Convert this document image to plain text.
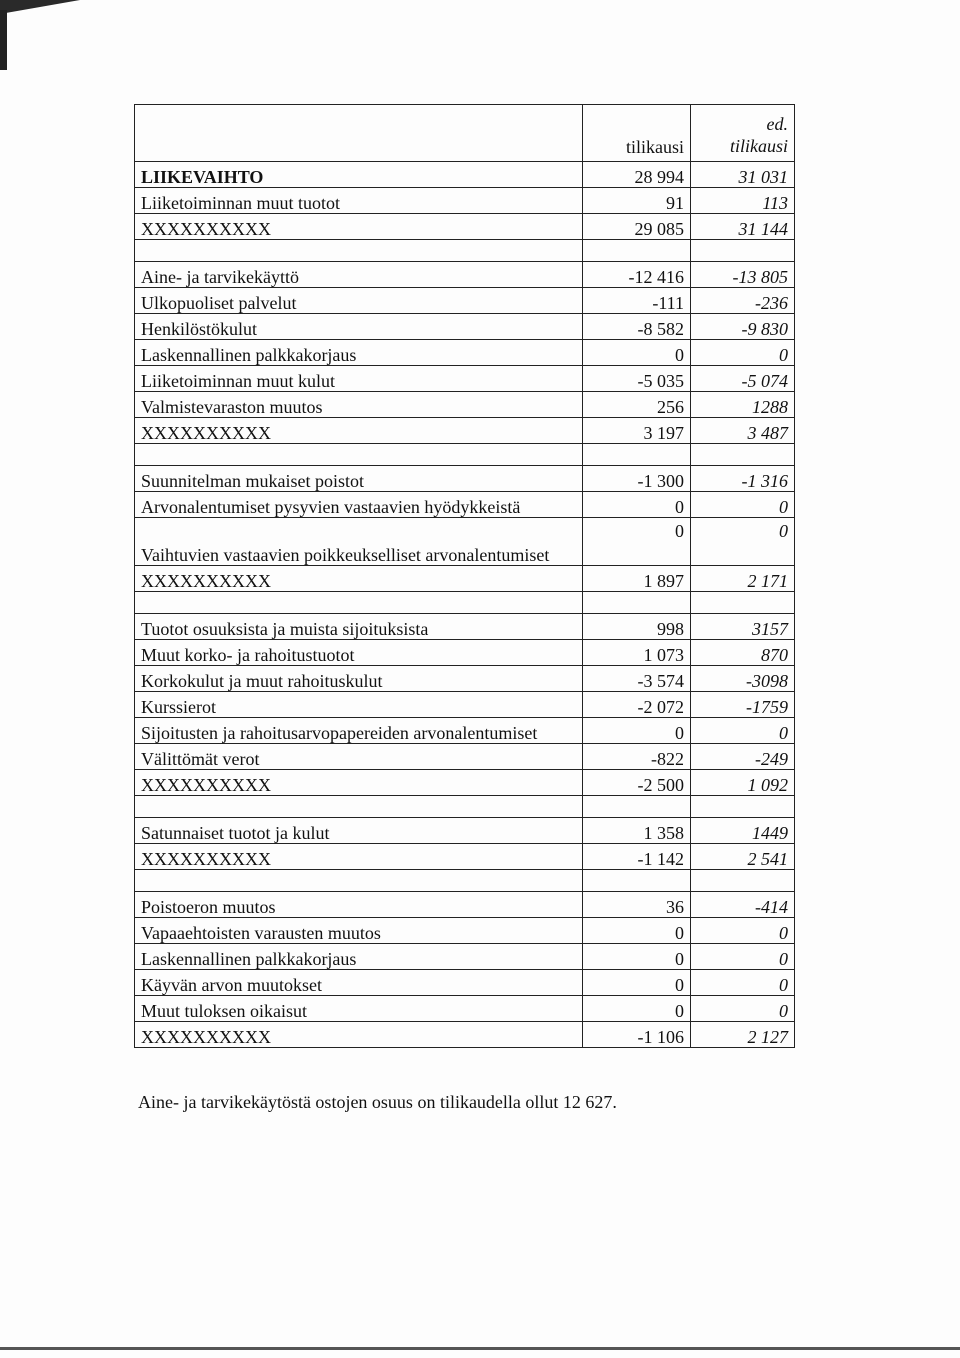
	tilikausi	ed.
tilikausi
LIIKEVAIHTO	28 994	31 031
Liiketoiminnan muut tuotot	91	113
XXXXXXXXXX	29 085	31 144

Aine- ja tarvikekäyttö	-12 416	-13 805
Ulkopuoliset palvelut	-111	-236
Henkilöstökulut	-8 582	-9 830
Laskennallinen palkkakorjaus	0	0
Liiketoiminnan muut kulut	-5 035	-5 074
Valmistevaraston muutos	256	1288
XXXXXXXXXX	3 197	3 487

Suunnitelman mukaiset poistot	-1 300	-1 316
Arvonalentumiset pysyvien vastaavien hyödykkeistä	0	0
Vaihtuvien vastaavien poikkeukselliset arvonalentumiset	0	0
XXXXXXXXXX	1 897	2 171

Tuotot osuuksista ja muista sijoituksista	998	3157
Muut korko- ja rahoitustuotot	1 073	870
Korkokulut ja muut rahoituskulut	-3 574	-3098
Kurssierot	-2 072	-1759
Sijoitusten ja rahoitusarvopapereiden arvonalentumiset	0	0
Välittömät verot	-822	-249
XXXXXXXXXX	-2 500	1 092

Satunnaiset tuotot ja kulut	1 358	1449
XXXXXXXXXX	-1 142	2 541

Poistoeron muutos	36	-414
Vapaaehtoisten varausten muutos	0	0
Laskennallinen palkkakorjaus	0	0
Käyvän arvon muutokset	0	0
Muut tuloksen oikaisut	0	0
XXXXXXXXXX	-1 106	2 127
Aine- ja tarvikekäytöstä ostojen osuus on tilikaudella ollut 12 627.
